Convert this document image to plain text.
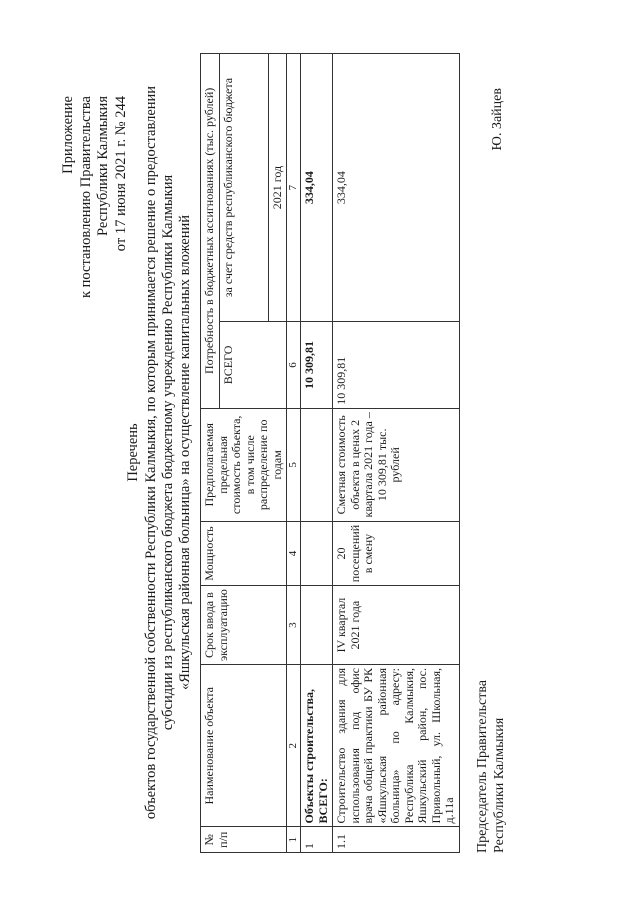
Приложение к постановлению Правительства Республики Калмыкия от 17 июня 2021 г. № 244
Перечень объектов государственной собственности Республики Калмыкия, по которым принимается решение о предоставлении субсидии из республиканского бюджета бюджетному учреждению Республики Калмыкия «Яшкульская районная больница» на осуществление капитальных вложений
№ п/п	Наименование объекта	Срок ввода в эксплуатацию	Мощность	Предполагаемая предельная стоимость объекта, в том числе распределение по годам	Потребность в бюджетных ассигнованиях (тыс. рублей)	
					ВСЕГО	за счет средств республиканского бюджета
						2021 год
1	2	3	4	5	6	7
1	Объекты строительства, ВСЕГО:				10 309,81	334,04
1.1	Строительство здания для использования под офис врача общей практики БУ РК «Яшкульская районная больница» по адресу: Республика Калмыкия, Яшкульский район, пос. Привольный, ул. Школьная, д.11а	IV квартал 2021 года	20 посещений в смену	Сметная стоимость объекта в ценах 2 квартала 2021 года – 10 309,81 тыс. рублей	10 309,81	334,04
Председатель Правительства Республики Калмыкия
Ю. Зайцев
